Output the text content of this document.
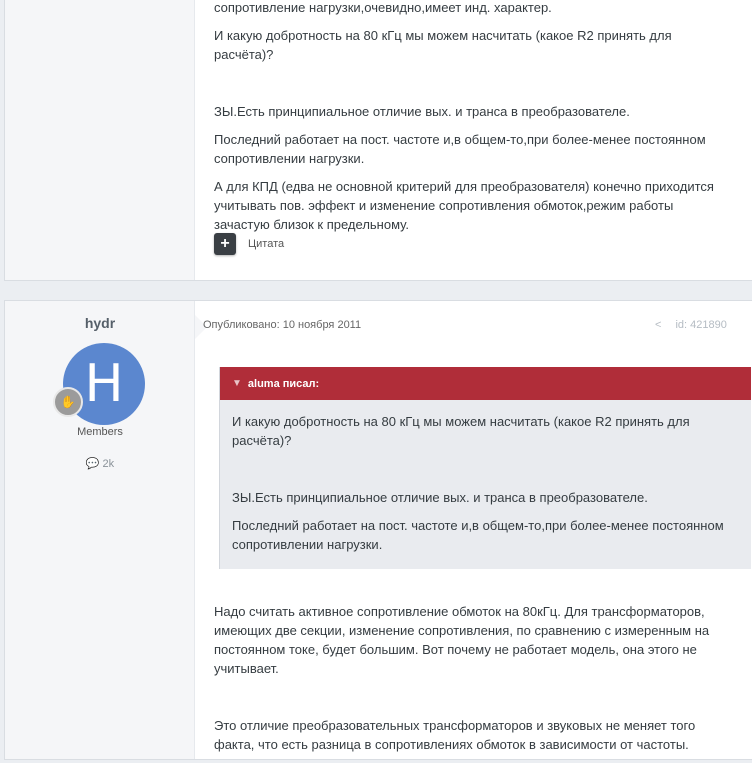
сопротивление нагрузки,очевидно,имеет инд. характер.

И какую добротность на 80 кГц мы можем насчитать (какое R2 принять для расчёта)?

ЗЫ.Есть принципиальное отличие вых. и транса в преобразователе.

Последний работает на пост. частоте и,в общем-то,при более-менее постоянном сопротивлении нагрузки.

А для КПД (едва не основной критерий для преобразователя) конечно приходится учитывать пов. эффект и изменение сопротивления обмоток,режим работы зачастую близок к предельному.

+	Цитата
hydr
H
✋
Members
💬 2k
Опубликовано: 10 ноября 2011	< id: 421890
▼ aluma писал:

И какую добротность на 80 кГц мы можем насчитать (какое R2 принять для расчёта)?

ЗЫ.Есть принципиальное отличие вых. и транса в преобразователе.

Последний работает на пост. частоте и,в общем-то,при более-менее постоянном сопротивлении нагрузки.

Надо считать активное сопротивление обмоток на 80кГц. Для трансформаторов, имеющих две секции, изменение сопротивления, по сравнению с измеренным на постоянном токе, будет большим. Вот почему не работает модель, она этого не учитывает.

Это отличие преобразовательных трансформаторов и звуковых не меняет того факта, что есть разница в сопротивлениях обмоток в зависимости от частоты.
